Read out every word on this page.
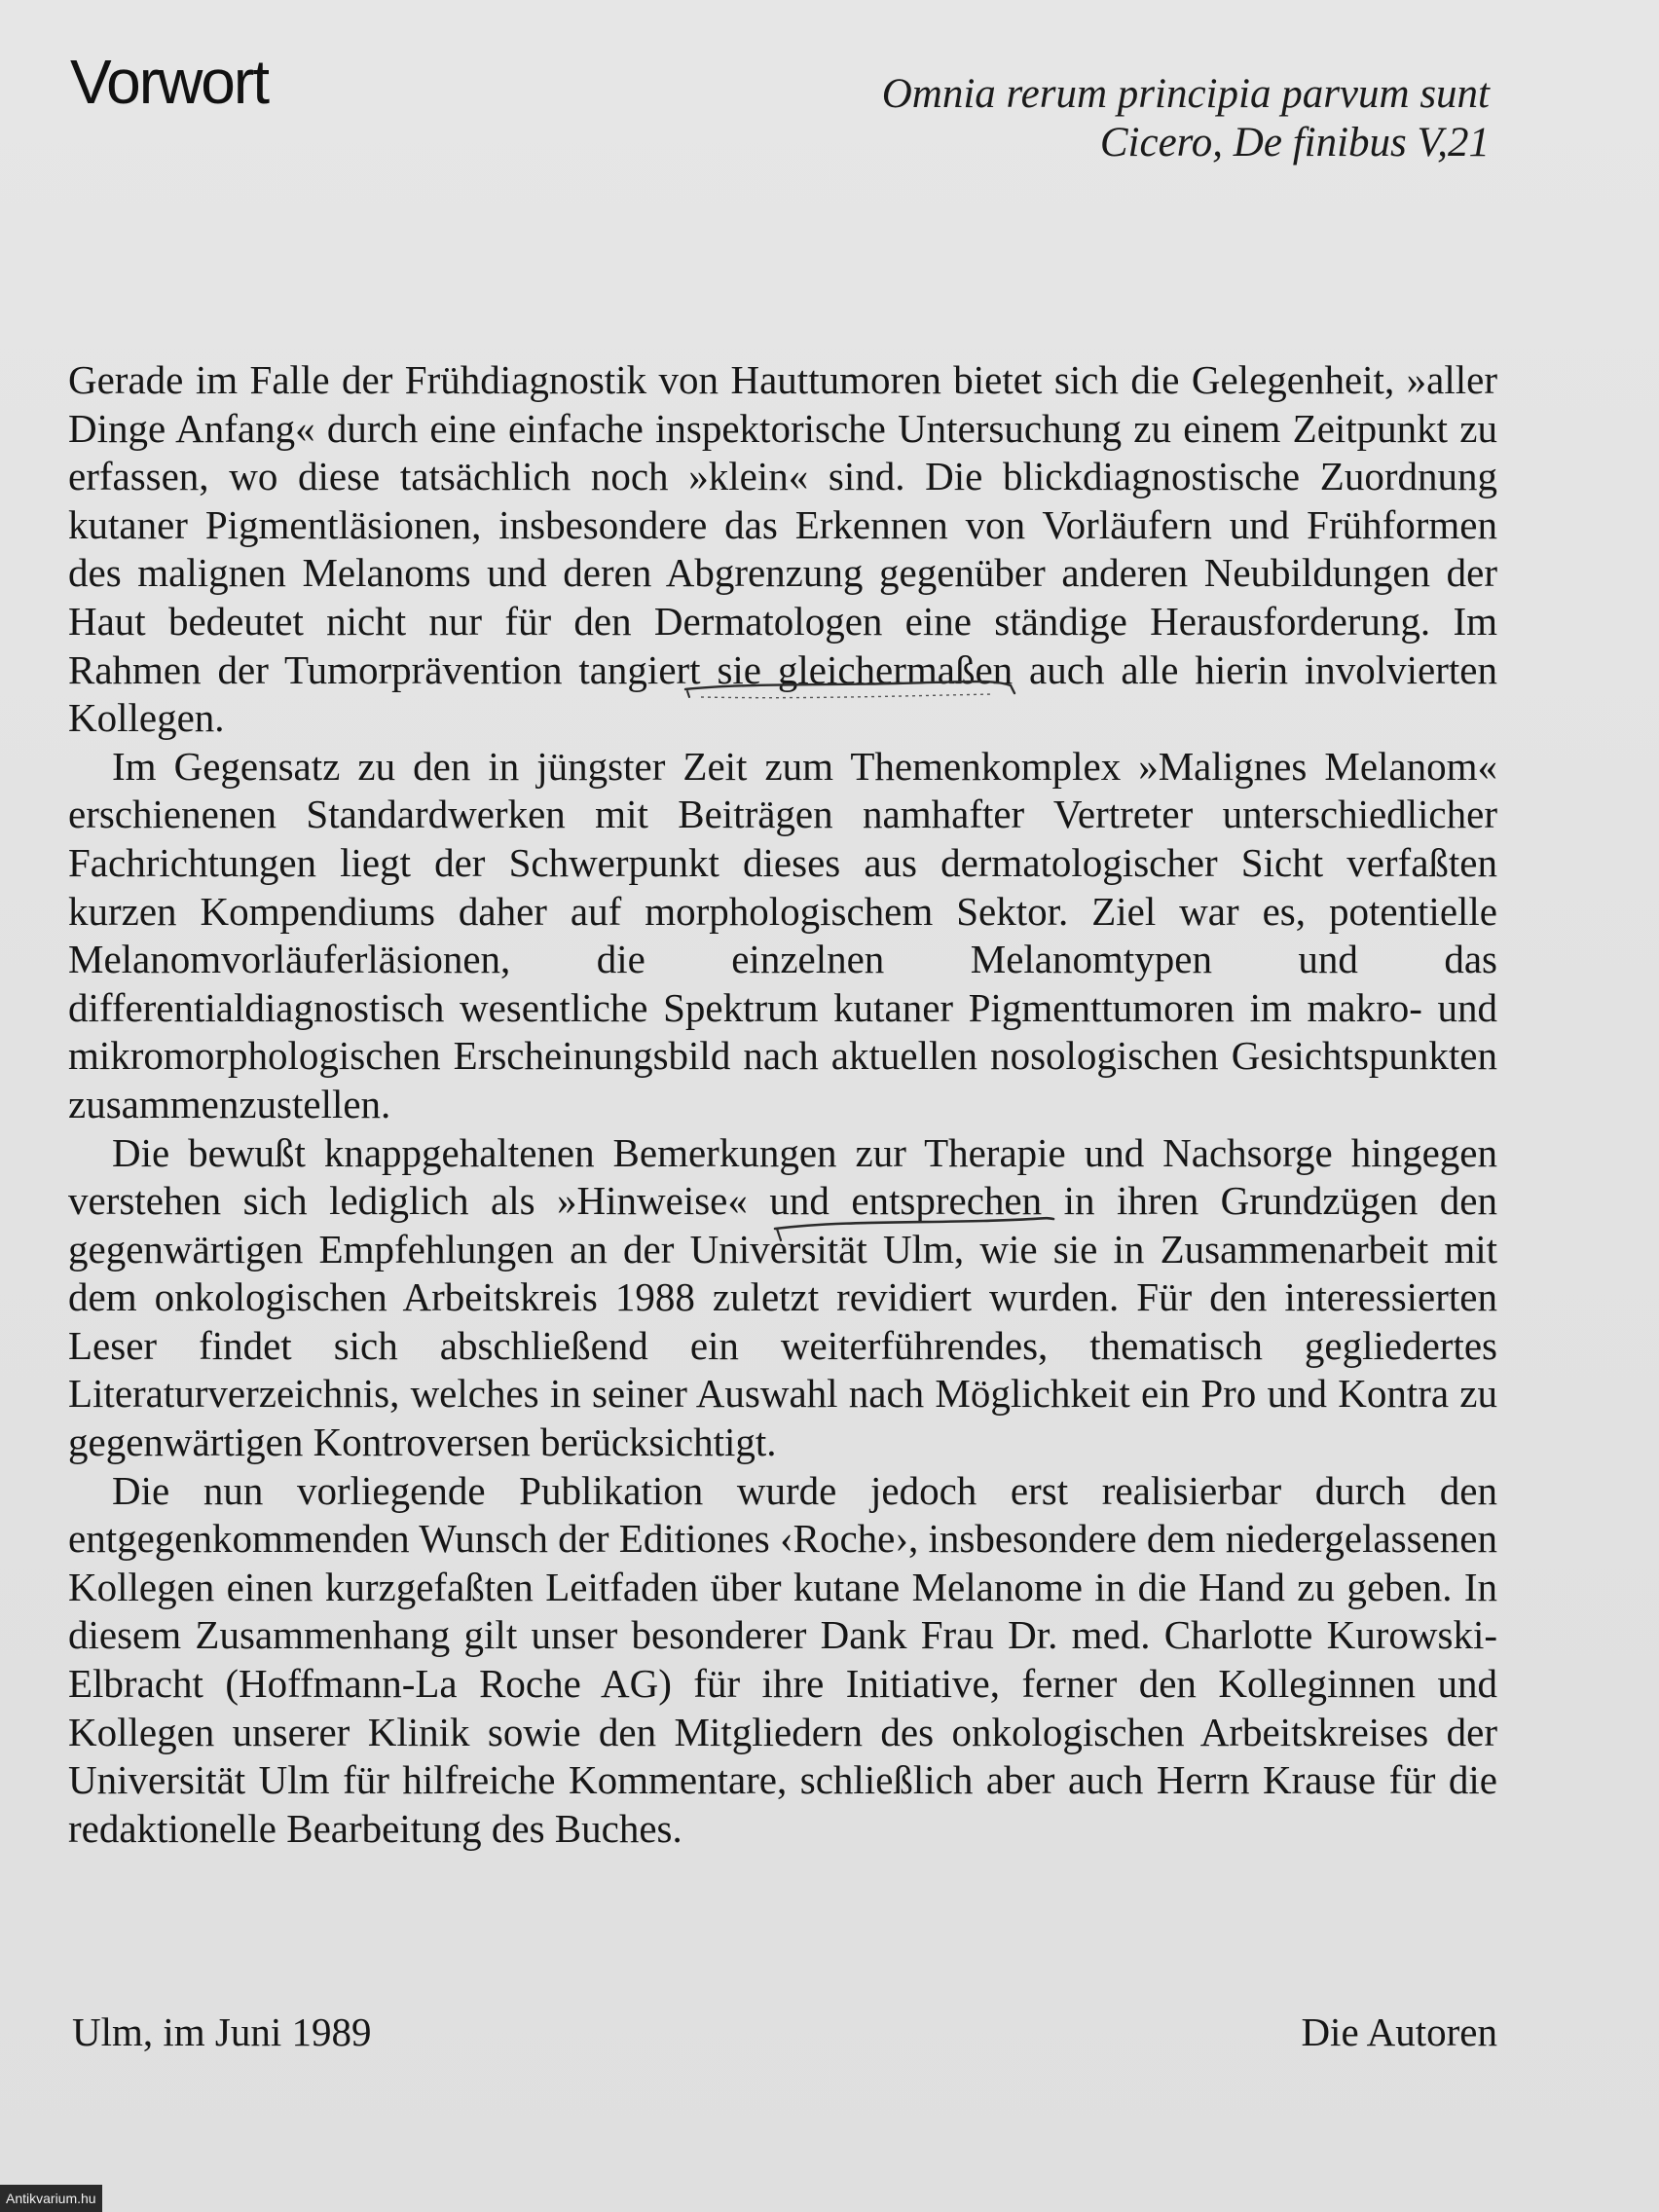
Vorwort	Omnia rerum principia parvum sunt
Cicero, De finibus V,21

Gerade im Falle der Frühdiagnostik von Hauttumoren bietet sich die Gelegenheit, »aller Dinge Anfang« durch eine einfache inspektorische Untersuchung zu einem Zeitpunkt zu erfassen, wo diese tatsächlich noch »klein« sind. Die blickdiagnostische Zuordnung kutaner Pigmentläsionen, insbesondere das Erkennen von Vorläufern und Frühformen des malignen Melanoms und deren Abgrenzung gegenüber anderen Neubildungen der Haut bedeutet nicht nur für den Dermatologen eine ständige Herausforderung. Im Rahmen der Tumorprävention tangiert sie gleichermaßen auch alle hierin involvierten Kollegen.

Im Gegensatz zu den in jüngster Zeit zum Themenkomplex »Malignes Melanom« erschienenen Standardwerken mit Beiträgen namhafter Vertreter unterschiedlicher Fachrichtungen liegt der Schwerpunkt dieses aus dermatologischer Sicht verfaßten kurzen Kompendiums daher auf morphologischem Sektor. Ziel war es, potentielle Melanomvorläuferläsionen, die einzelnen Melanomtypen und das differentialdiagnostisch wesentliche Spektrum kutaner Pigmenttumoren im makro- und mikromorphologischen Erscheinungsbild nach aktuellen nosologischen Gesichtspunkten zusammenzustellen.

Die bewußt knappgehaltenen Bemerkungen zur Therapie und Nachsorge hingegen verstehen sich lediglich als »Hinweise« und entsprechen in ihren Grundzügen den gegenwärtigen Empfehlungen an der Universität Ulm, wie sie in Zusammenarbeit mit dem onkologischen Arbeitskreis 1988 zuletzt revidiert wurden. Für den interessierten Leser findet sich abschließend ein weiterführendes, thematisch gegliedertes Literaturverzeichnis, welches in seiner Auswahl nach Möglichkeit ein Pro und Kontra zu gegenwärtigen Kontroversen berücksichtigt.

Die nun vorliegende Publikation wurde jedoch erst realisierbar durch den entgegenkommenden Wunsch der Editiones ‹Roche›, insbesondere dem niedergelassenen Kollegen einen kurzgefaßten Leitfaden über kutane Melanome in die Hand zu geben. In diesem Zusammenhang gilt unser besonderer Dank Frau Dr. med. Charlotte Kurowski-Elbracht (Hoffmann-La Roche AG) für ihre Initiative, ferner den Kolleginnen und Kollegen unserer Klinik sowie den Mitgliedern des onkologischen Arbeitskreises der Universität Ulm für hilfreiche Kommentare, schließlich aber auch Herrn Krause für die redaktionelle Bearbeitung des Buches.

Ulm, im Juni 1989	Die Autoren
Antikvarium.hu
